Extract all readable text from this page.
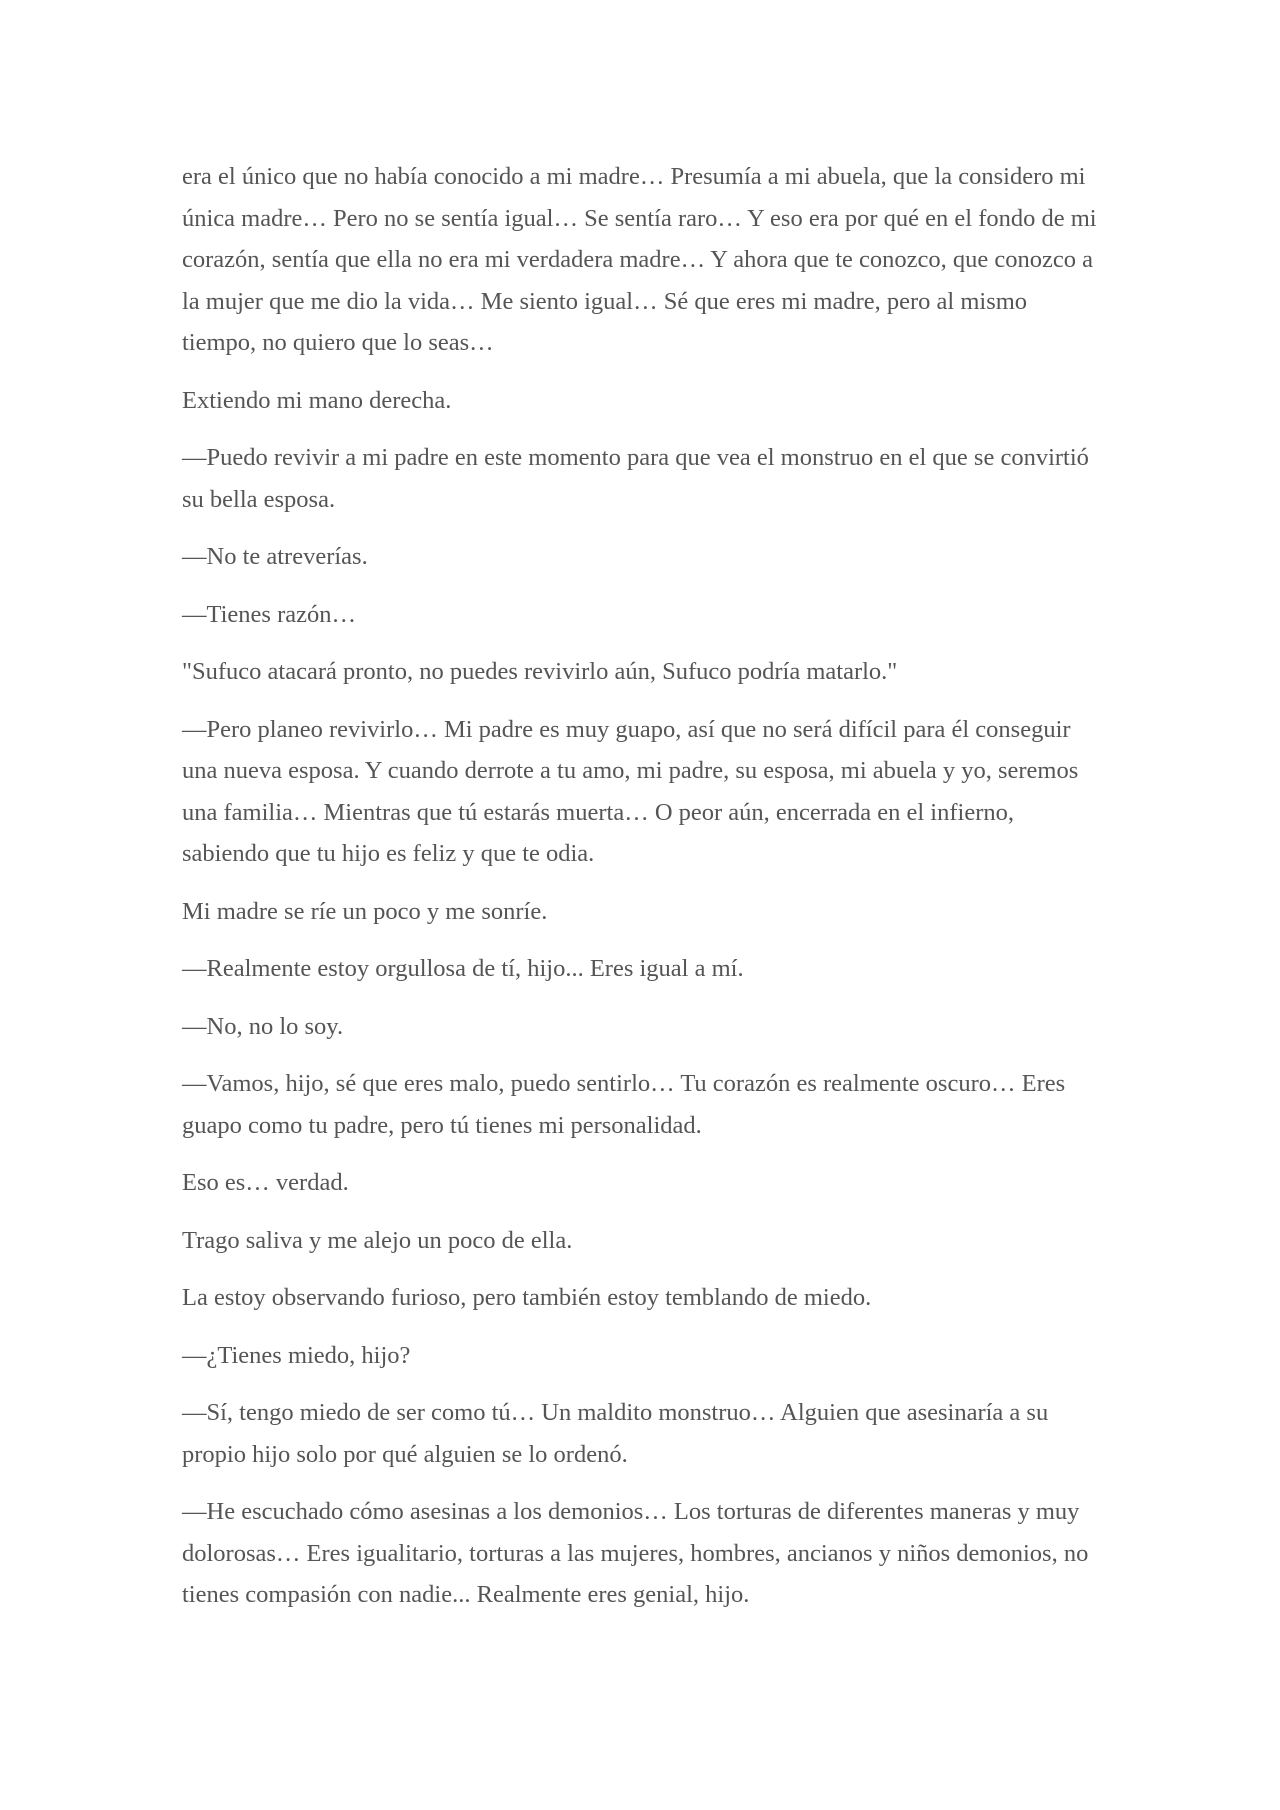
era el único que no había conocido a mi madre… Presumía a mi abuela, que la considero mi única madre… Pero no se sentía igual… Se sentía raro… Y eso era por qué en el fondo de mi corazón, sentía que ella no era mi verdadera madre… Y ahora que te conozco, que conozco a la mujer que me dio la vida… Me siento igual… Sé que eres mi madre, pero al mismo tiempo, no quiero que lo seas…

Extiendo mi mano derecha.

—Puedo revivir a mi padre en este momento para que vea el monstruo en el que se convirtió su bella esposa.

—No te atreverías.

—Tienes razón…

"Sufuco atacará pronto, no puedes revivirlo aún, Sufuco podría matarlo."

—Pero planeo revivirlo… Mi padre es muy guapo, así que no será difícil para él conseguir una nueva esposa. Y cuando derrote a tu amo, mi padre, su esposa, mi abuela y yo, seremos una familia… Mientras que tú estarás muerta… O peor aún, encerrada en el infierno, sabiendo que tu hijo es feliz y que te odia.

Mi madre se ríe un poco y me sonríe.

—Realmente estoy orgullosa de tí, hijo... Eres igual a mí.

—No, no lo soy.

—Vamos, hijo, sé que eres malo, puedo sentirlo… Tu corazón es realmente oscuro… Eres guapo como tu padre, pero tú tienes mi personalidad.

Eso es… verdad.

Trago saliva y me alejo un poco de ella.

La estoy observando furioso, pero también estoy temblando de miedo.

—¿Tienes miedo, hijo?

—Sí, tengo miedo de ser como tú… Un maldito monstruo… Alguien que asesinaría a su propio hijo solo por qué alguien se lo ordenó.

—He escuchado cómo asesinas a los demonios… Los torturas de diferentes maneras y muy dolorosas… Eres igualitario, torturas a las mujeres, hombres, ancianos y niños demonios, no tienes compasión con nadie... Realmente eres genial, hijo.
